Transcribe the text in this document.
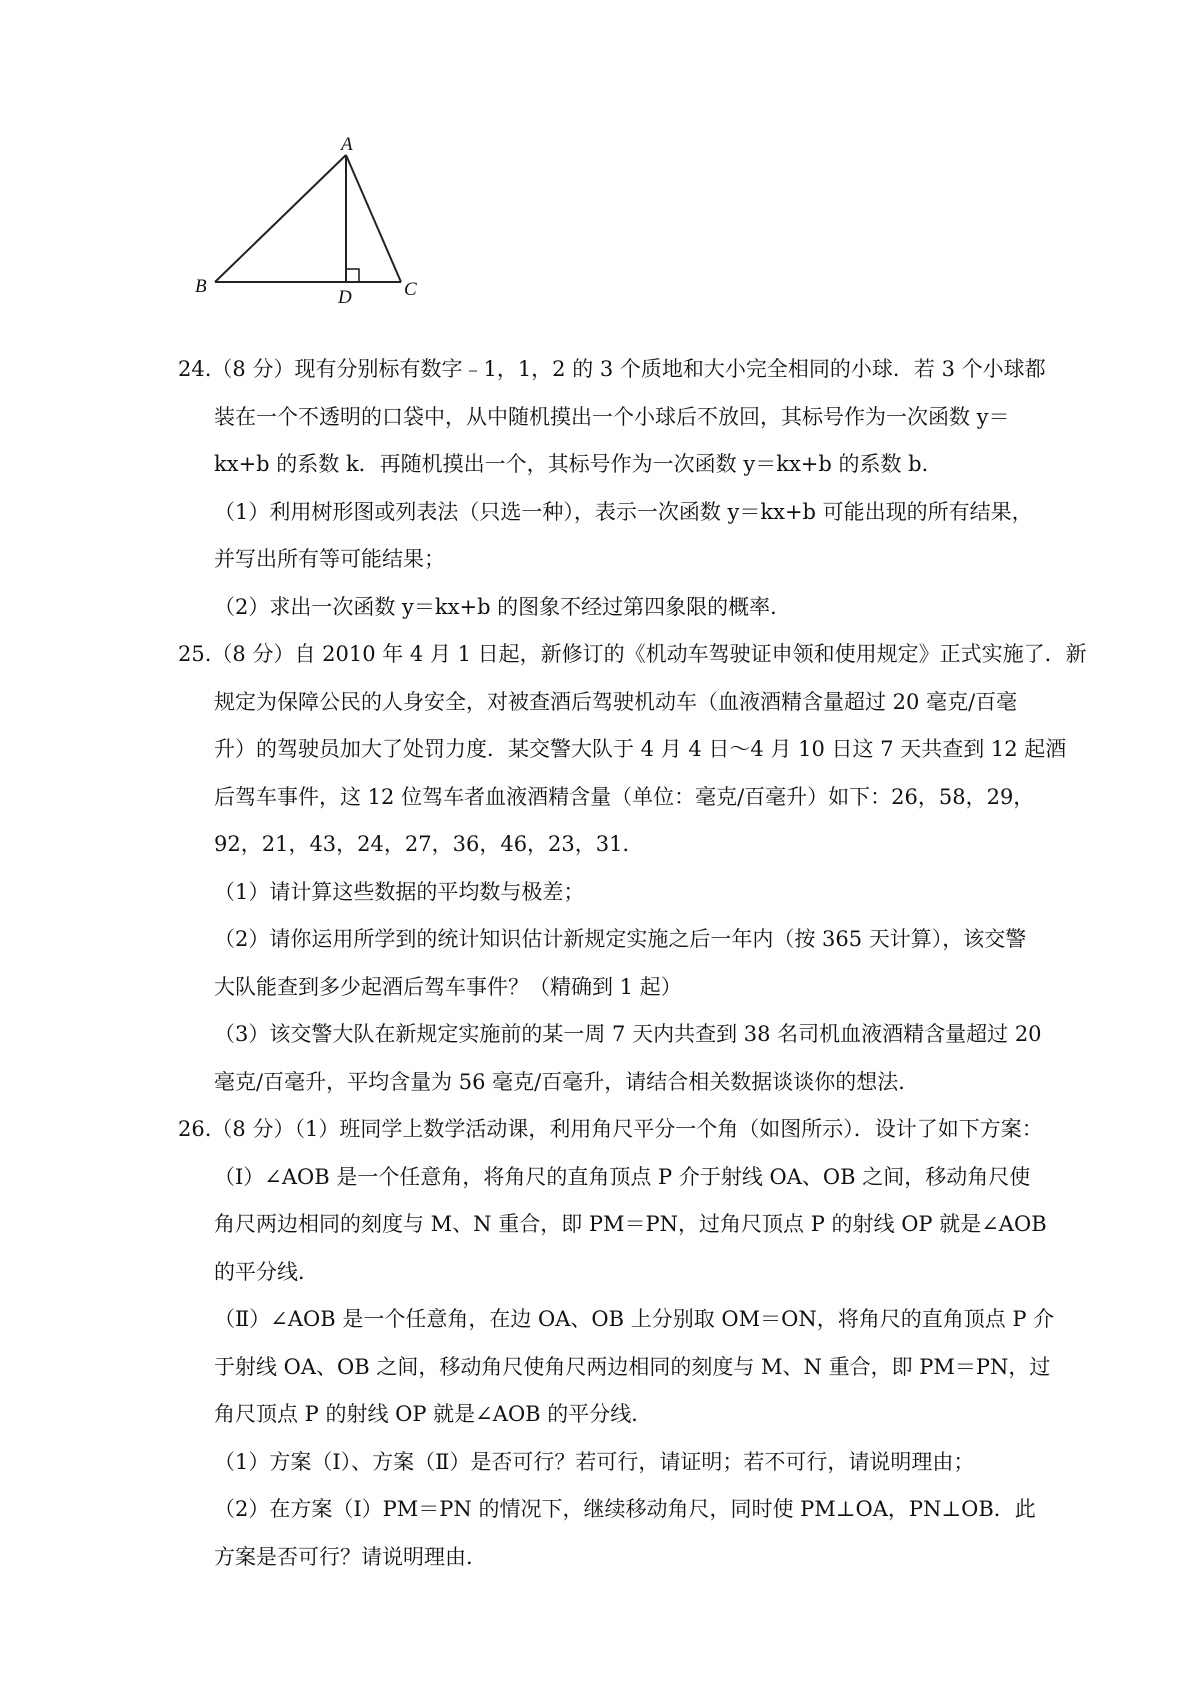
A
B	C
D
24.（8 分）现有分别标有数字﹣1，1，2 的 3 个质地和大小完全相同的小球．若 3 个小球都
装在一个不透明的口袋中，从中随机摸出一个小球后不放回，其标号作为一次函数 y＝
kx+b 的系数 k．再随机摸出一个，其标号作为一次函数 y＝kx+b 的系数 b．
（1）利用树形图或列表法（只选一种），表示一次函数 y＝kx+b 可能出现的所有结果，
并写出所有等可能结果；
（2）求出一次函数 y＝kx+b 的图象不经过第四象限的概率．
25.（8 分）自 2010 年 4 月 1 日起，新修订的《机动车驾驶证申领和使用规定》正式实施了．新
规定为保障公民的人身安全，对被查酒后驾驶机动车（血液酒精含量超过 20 毫克/百毫
升）的驾驶员加大了处罚力度．某交警大队于 4 月 4 日～4 月 10 日这 7 天共查到 12 起酒
后驾车事件，这 12 位驾车者血液酒精含量（单位：毫克/百毫升）如下：26，58，29，
92，21，43，24，27，36，46，23，31．
（1）请计算这些数据的平均数与极差；
（2）请你运用所学到的统计知识估计新规定实施之后一年内（按 365 天计算），该交警
大队能查到多少起酒后驾车事件？（精确到 1 起）
（3）该交警大队在新规定实施前的某一周 7 天内共查到 38 名司机血液酒精含量超过 20
毫克/百毫升，平均含量为 56 毫克/百毫升，请结合相关数据谈谈你的想法．
26.（8 分）（1）班同学上数学活动课，利用角尺平分一个角（如图所示）．设计了如下方案：
（Ⅰ）∠AOB 是一个任意角，将角尺的直角顶点 P 介于射线 OA、OB 之间，移动角尺使
角尺两边相同的刻度与 M、N 重合，即 PM＝PN，过角尺顶点 P 的射线 OP 就是∠AOB
的平分线．
（Ⅱ）∠AOB 是一个任意角，在边 OA、OB 上分别取 OM＝ON，将角尺的直角顶点 P 介
于射线 OA、OB 之间，移动角尺使角尺两边相同的刻度与 M、N 重合，即 PM＝PN，过
角尺顶点 P 的射线 OP 就是∠AOB 的平分线．
（1）方案（Ⅰ）、方案（Ⅱ）是否可行？若可行，请证明；若不可行，请说明理由；
（2）在方案（Ⅰ）PM＝PN 的情况下，继续移动角尺，同时使 PM⊥OA，PN⊥OB．此
方案是否可行？请说明理由．
